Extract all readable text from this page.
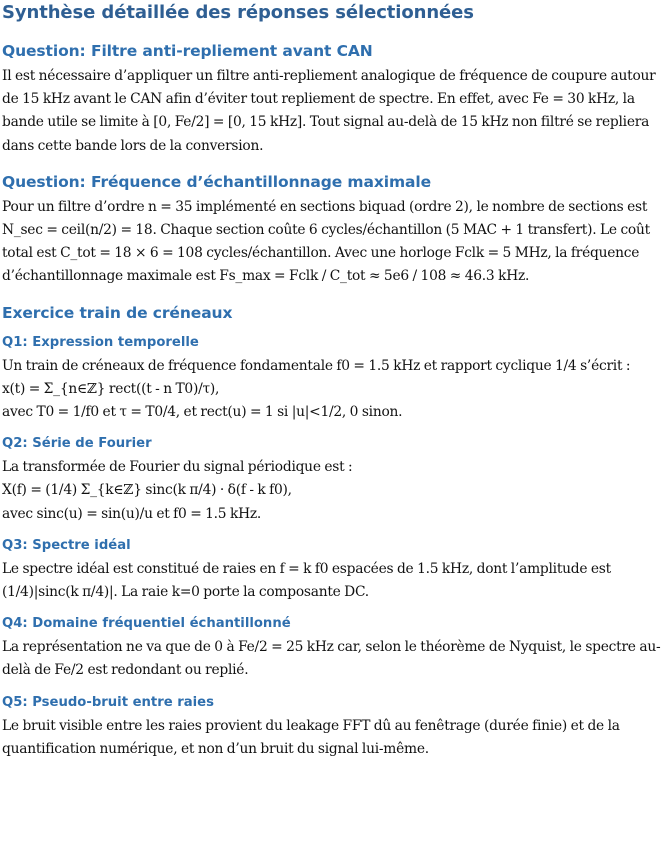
Synthèse détaillée des réponses sélectionnées
Question: Filtre anti-repliement avant CAN

Il est nécessaire d’appliquer un filtre anti-repliement analogique de fréquence de coupure autour de 15 kHz avant le CAN afin d’éviter tout repliement de spectre. En effet, avec Fe = 30 kHz, la bande utile se limite à [0, Fe/2] = [0, 15 kHz]. Tout signal au-delà de 15 kHz non filtré se repliera dans cette bande lors de la conversion.

Question: Fréquence d’échantillonnage maximale

Pour un filtre d’ordre n = 35 implémenté en sections biquad (ordre 2), le nombre de sections est N_sec = ceil(n/2) = 18. Chaque section coûte 6 cycles/échantillon (5 MAC + 1 transfert). Le coût total est C_tot = 18 × 6 = 108 cycles/échantillon. Avec une horloge Fclk = 5 MHz, la fréquence d’échantillonnage maximale est Fs_max = Fclk / C_tot ≈ 5e6 / 108 ≈ 46.3 kHz.

Exercice train de créneaux
Q1: Expression temporelle

Un train de créneaux de fréquence fondamentale f0 = 1.5 kHz et rapport cyclique 1/4 s’écrit :
x(t) = Σ_{n∈ℤ} rect((t - n T0)/τ),
avec T0 = 1/f0 et τ = T0/4, et rect(u) = 1 si |u|<1/2, 0 sinon.

Q2: Série de Fourier

La transformée de Fourier du signal périodique est :
X(f) = (1/4) Σ_{k∈ℤ} sinc(k π/4) · δ(f - k f0),
avec sinc(u) = sin(u)/u et f0 = 1.5 kHz.

Q3: Spectre idéal

Le spectre idéal est constitué de raies en f = k f0 espacées de 1.5 kHz, dont l’amplitude est (1/4)|sinc(k π/4)|. La raie k=0 porte la composante DC.

Q4: Domaine fréquentiel échantillonné

La représentation ne va que de 0 à Fe/2 = 25 kHz car, selon le théorème de Nyquist, le spectre au-delà de Fe/2 est redondant ou replié.

Q5: Pseudo-bruit entre raies

Le bruit visible entre les raies provient du leakage FFT dû au fenêtrage (durée finie) et de la quantification numérique, et non d’un bruit du signal lui-même.
